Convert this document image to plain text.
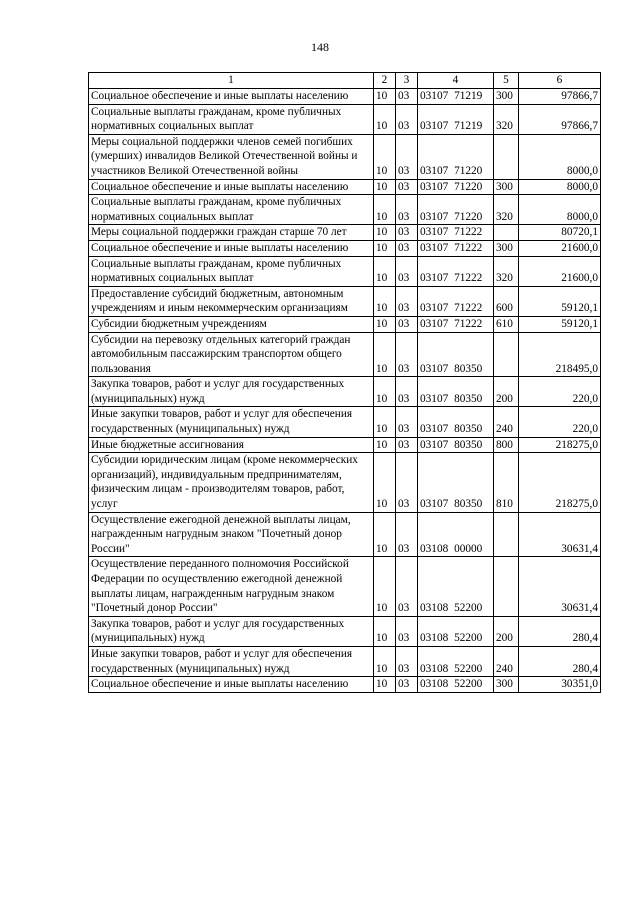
148
1	2	3	4	5	6
Социальное обеспечение и иные выплаты населению	10	03	03107 71219	300	97866,7
Социальные выплаты гражданам, кроме публичных нормативных социальных выплат	10	03	03107 71219	320	97866,7
Меры социальной поддержки членов семей погибших (умерших) инвалидов Великой Отечественной войны и участников Великой Отечественной войны	10	03	03107 71220		8000,0
Социальное обеспечение и иные выплаты населению	10	03	03107 71220	300	8000,0
Социальные выплаты гражданам, кроме публичных нормативных социальных выплат	10	03	03107 71220	320	8000,0
Меры социальной поддержки граждан старше 70 лет	10	03	03107 71222		80720,1
Социальное обеспечение и иные выплаты населению	10	03	03107 71222	300	21600,0
Социальные выплаты гражданам, кроме публичных нормативных социальных выплат	10	03	03107 71222	320	21600,0
Предоставление субсидий бюджетным, автономным учреждениям и иным некоммерческим организациям	10	03	03107 71222	600	59120,1
Субсидии бюджетным учреждениям	10	03	03107 71222	610	59120,1
Субсидии на перевозку отдельных категорий граждан автомобильным пассажирским транспортом общего пользования	10	03	03107 80350		218495,0
Закупка товаров, работ и услуг для государственных (муниципальных) нужд	10	03	03107 80350	200	220,0
Иные закупки товаров, работ и услуг для обеспечения государственных (муниципальных) нужд	10	03	03107 80350	240	220,0
Иные бюджетные ассигнования	10	03	03107 80350	800	218275,0
Субсидии юридическим лицам (кроме некоммерческих организаций), индивидуальным предпринимателям, физическим лицам - производителям товаров, работ, услуг	10	03	03107 80350	810	218275,0
Осуществление ежегодной денежной выплаты лицам, награжденным нагрудным знаком "Почетный донор России"	10	03	03108 00000		30631,4
Осуществление переданного полномочия Российской Федерации по осуществлению ежегодной денежной выплаты лицам, награжденным нагрудным знаком "Почетный донор России"	10	03	03108 52200		30631,4
Закупка товаров, работ и услуг для государственных (муниципальных) нужд	10	03	03108 52200	200	280,4
Иные закупки товаров, работ и услуг для обеспечения государственных (муниципальных) нужд	10	03	03108 52200	240	280,4
Социальное обеспечение и иные выплаты населению	10	03	03108 52200	300	30351,0
